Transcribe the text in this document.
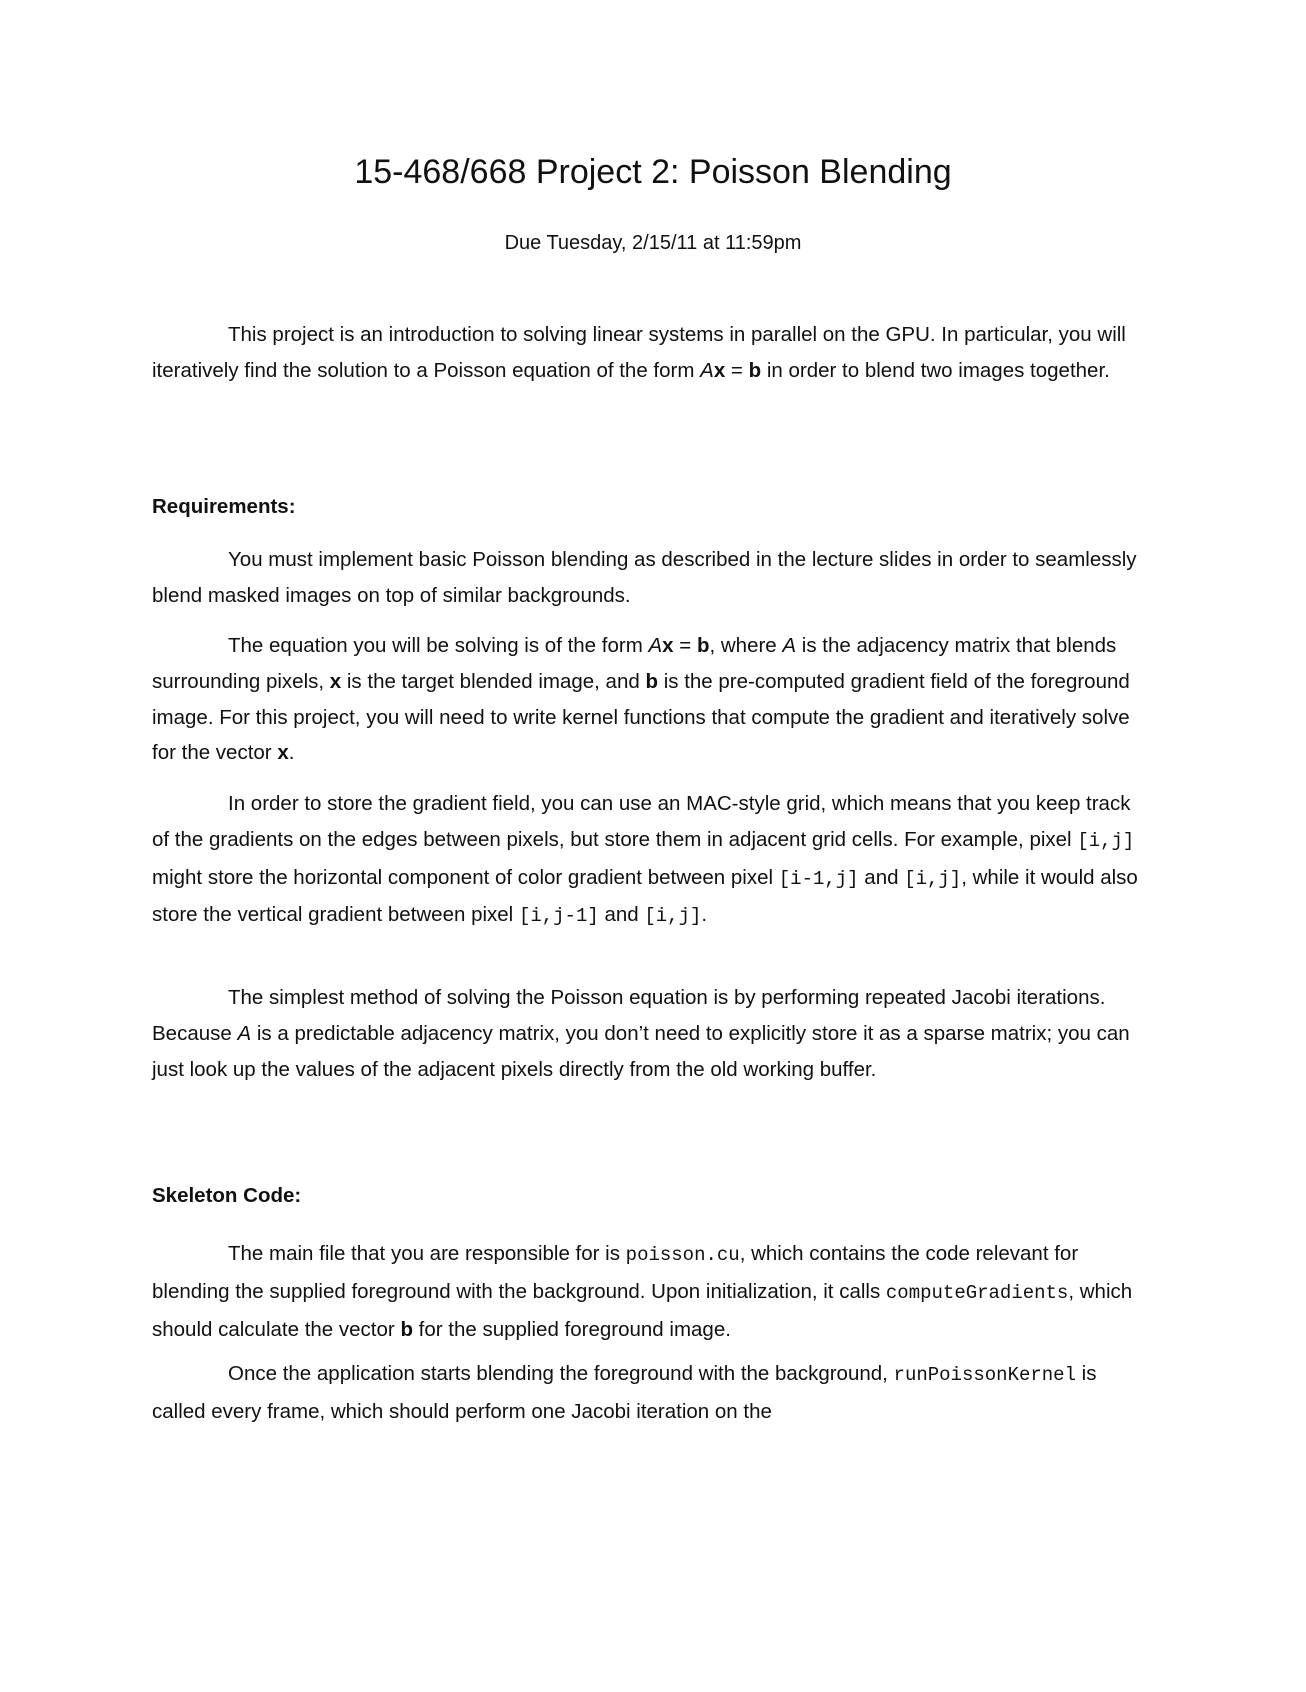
15-468/668 Project 2: Poisson Blending

Due Tuesday, 2/15/11 at 11:59pm

This project is an introduction to solving linear systems in parallel on the GPU. In particular, you will iteratively find the solution to a Poisson equation of the form Ax = b in order to blend two images together.

Requirements:

You must implement basic Poisson blending as described in the lecture slides in order to seamlessly blend masked images on top of similar backgrounds.

The equation you will be solving is of the form Ax = b, where A is the adjacency matrix that blends surrounding pixels, x is the target blended image, and b is the pre-computed gradient field of the foreground image. For this project, you will need to write kernel functions that compute the gradient and iteratively solve for the vector x.

In order to store the gradient field, you can use an MAC-style grid, which means that you keep track of the gradients on the edges between pixels, but store them in adjacent grid cells. For example, pixel [i,j] might store the horizontal component of color gradient between pixel [i-1,j] and [i,j], while it would also store the vertical gradient between pixel [i,j-1] and [i,j].

The simplest method of solving the Poisson equation is by performing repeated Jacobi iterations. Because A is a predictable adjacency matrix, you don’t need to explicitly store it as a sparse matrix; you can just look up the values of the adjacent pixels directly from the old working buffer.

Skeleton Code:

The main file that you are responsible for is poisson.cu, which contains the code relevant for blending the supplied foreground with the background. Upon initialization, it calls computeGradients, which should calculate the vector b for the supplied foreground image.

Once the application starts blending the foreground with the background, runPoissonKernel is called every frame, which should perform one Jacobi iteration on the
